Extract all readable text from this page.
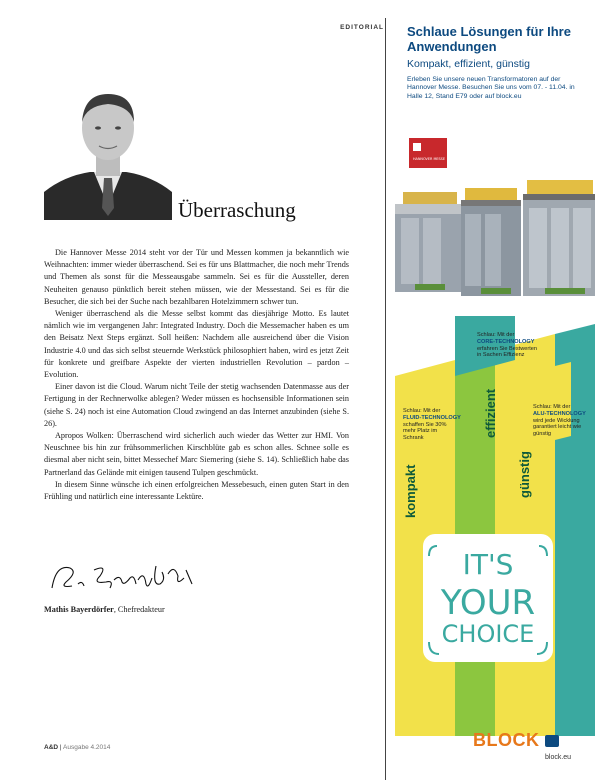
EDITORIAL
Überraschung

Die Hannover Messe 2014 steht vor der Tür und Messen kommen ja bekanntlich wie Weihnachten: immer wieder überraschend. Sei es für uns Blattmacher, die noch mehr Trends und Themen als sonst für die Messeausgabe sammeln. Sei es für die Aussteller, deren Neuheiten genauso pünktlich bereit stehen müssen, wie der Messestand. Sei es für die Besucher, die sich bei der Suche nach bezahlbaren Hotelzimmern schwer tun.

Weniger überraschend als die Messe selbst kommt das diesjährige Motto. Es lautet nämlich wie im vergangenen Jahr: Integrated Industry. Doch die Messemacher haben es um den Beisatz Next Steps ergänzt. Soll heißen: Nachdem alle ausreichend über die Vision Industrie 4.0 und das sich selbst steuernde Werkstück philosophiert haben, wird es jetzt Zeit für konkrete und greifbare Aspekte der vierten industriellen Revolution – pardon – Evolution.

Einer davon ist die Cloud. Warum nicht Teile der stetig wachsenden Datenmasse aus der Fertigung in der Rechnerwolke ablegen? Weder müssen es hochsensible Informationen sein (siehe S. 24) noch ist eine Automation Cloud zwingend an das Internet anzubinden (siehe S. 26).

Apropos Wolken: Überraschend wird sicherlich auch wieder das Wetter zur HMI. Von Neuschnee bis hin zur frühsommerlichen Kirschblüte gab es schon alles. Schnee solle es diesmal aber nicht sein, bittet Messechef Marc Siemering (siehe S. 14). Schließlich habe das Partnerland das Gelände mit einigen tausend Tulpen geschmückt.

In diesem Sinne wünsche ich einen erfolgreichen Messebesuch, einen guten Start in den Frühling und natürlich eine interessante Lektüre.

Mathis Bayerdörfer, Chefredakteur
A&D | Ausgabe 4.2014
Schlaue Lösungen für Ihre Anwendungen
Kompakt, effizient, günstig
Erleben Sie unsere neuen Transformatoren auf der Hannover Messe. Besuchen Sie uns vom 07. - 11.04. in Halle 12, Stand E79 oder auf block.eu
HANNOVER MESSE
Schlau: Mit der
CORE-TECHNOLOGY
erfahren Sie Bestwerten
in Sachen Effizienz
Schlau: Mit der
FLUID-TECHNOLOGY
schaffen Sie 30%
mehr Platz im
Schrank
Schlau: Mit der
ALU-TECHNOLOGY
wird jede Wicklung
garantiert leicht wie
günstig
kompakt
effizient
günstig
IT'S
YOUR
CHOICE
BLOCK
block.eu
